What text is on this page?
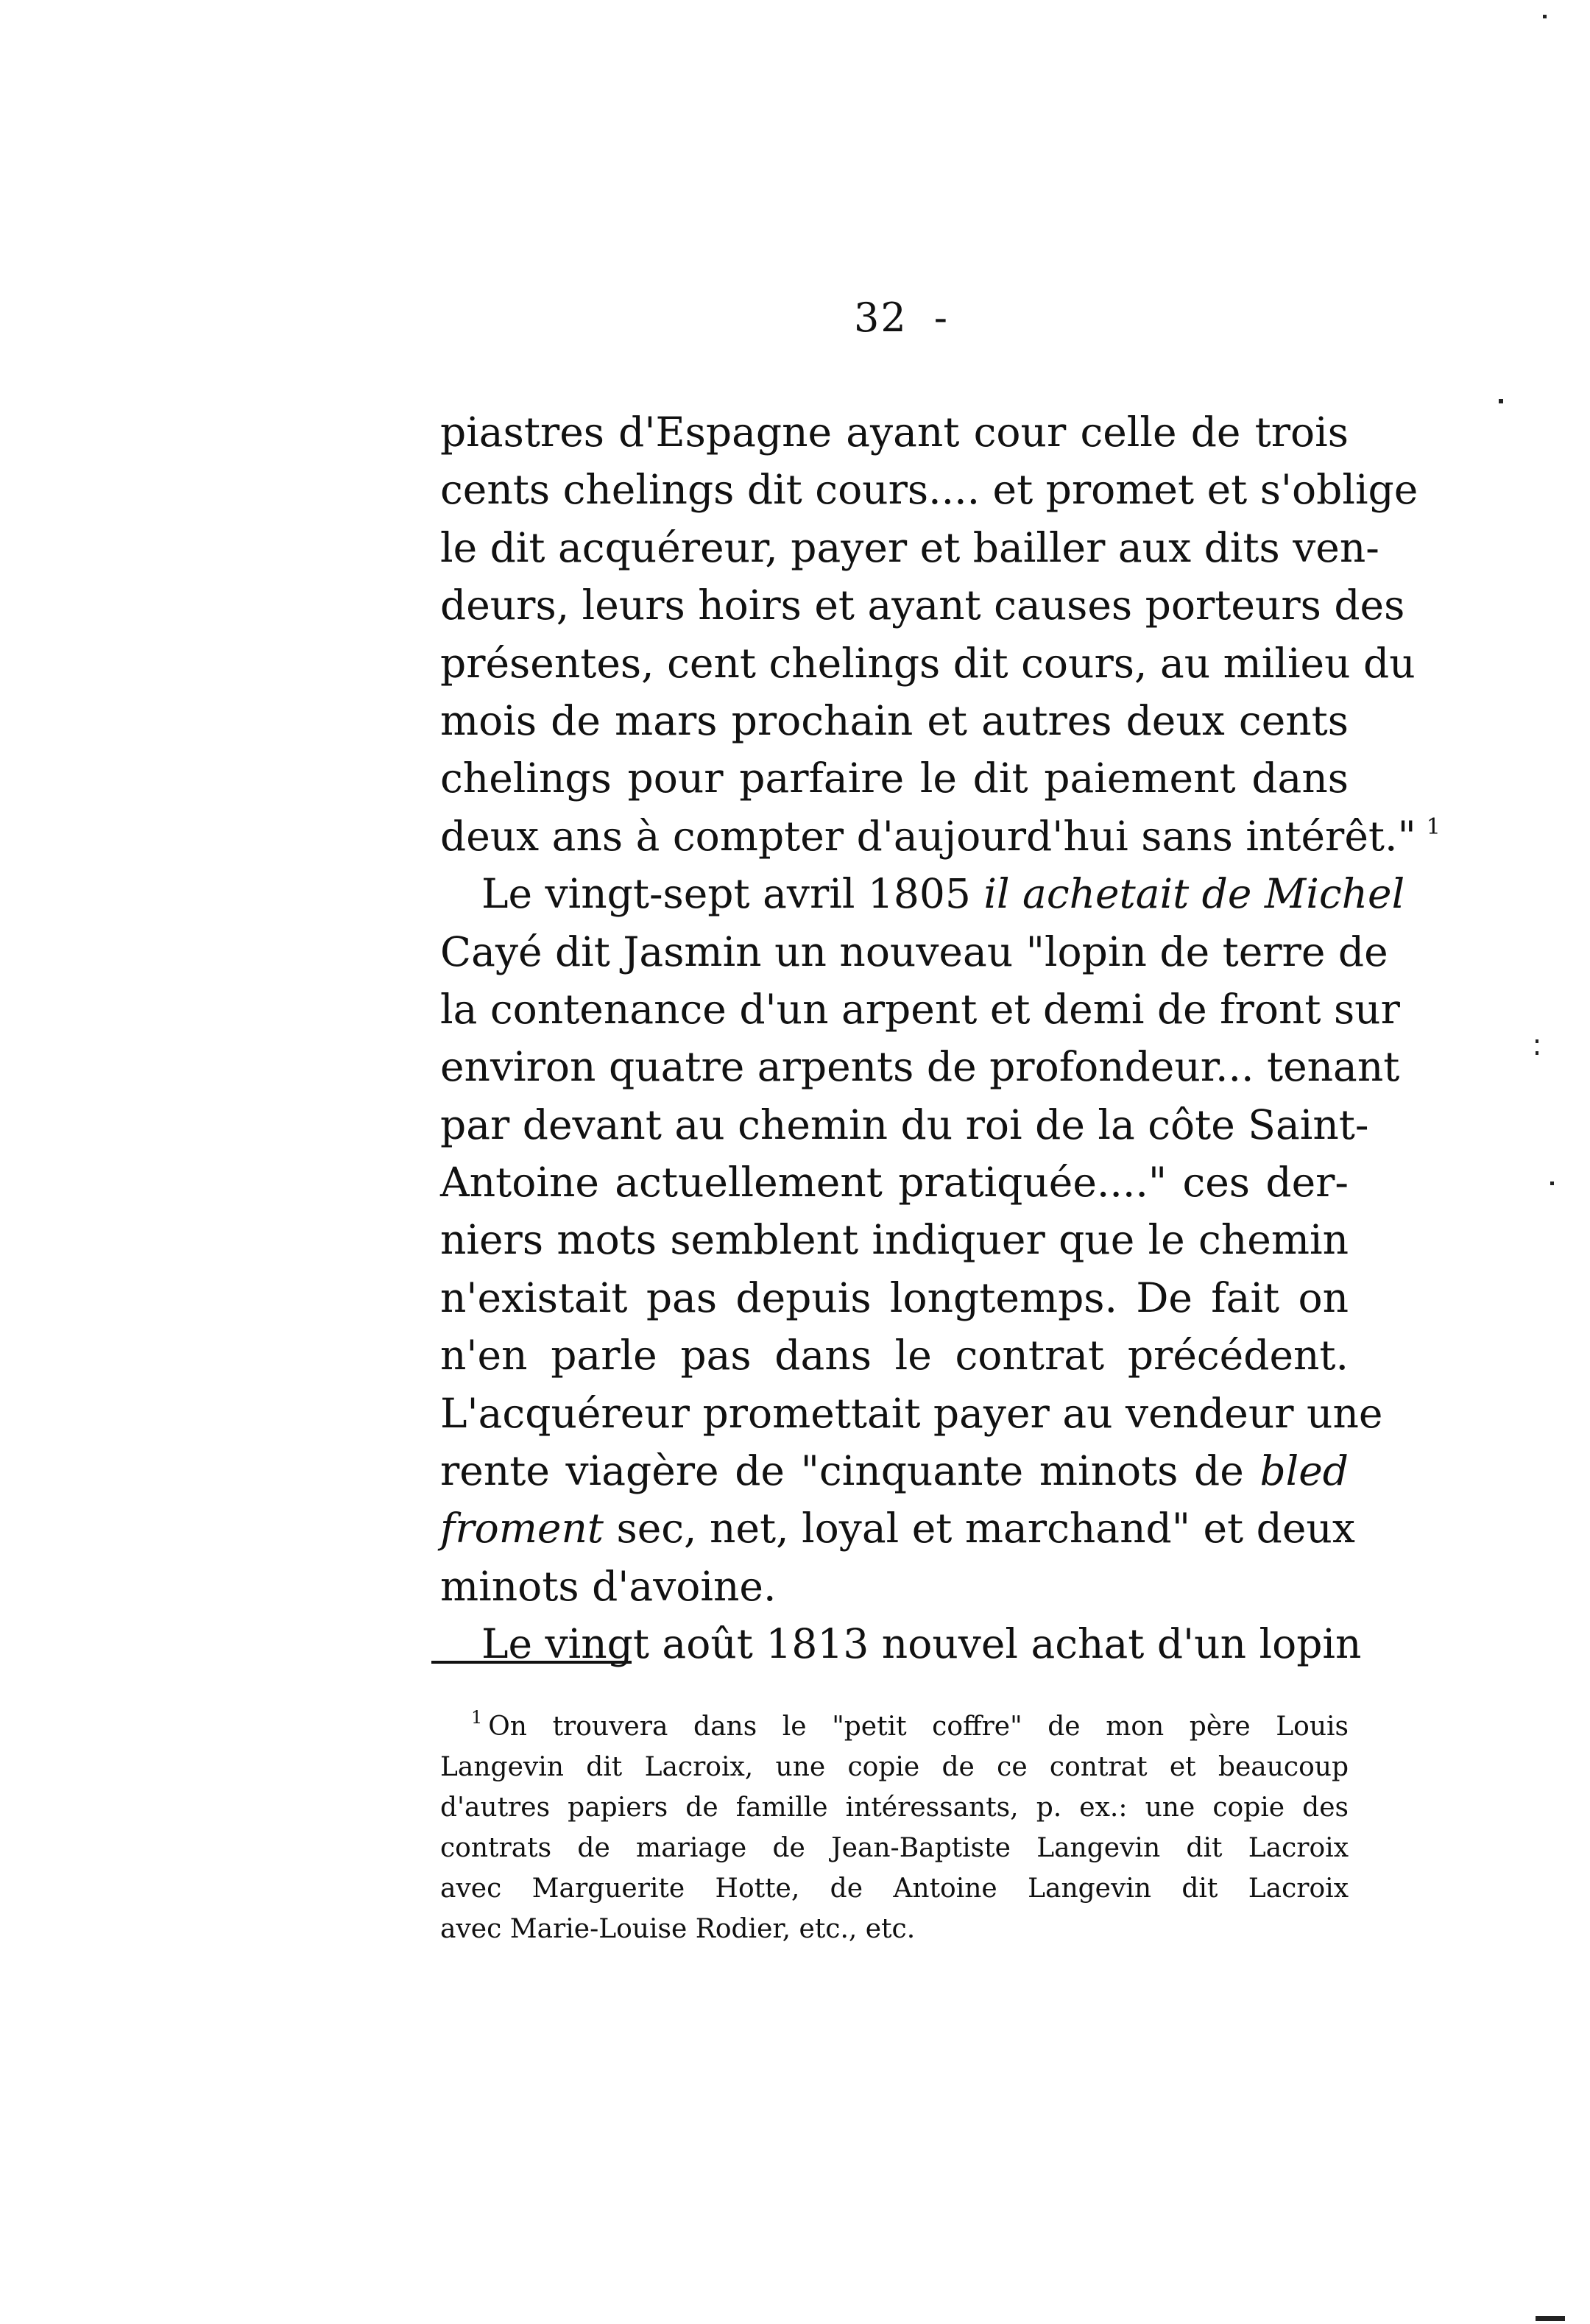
32 -
piastres d'Espagne ayant cour celle de trois
cents chelings dit cours.... et promet et s'oblige
le dit acquéreur, payer et bailler aux dits ven-
deurs, leurs hoirs et ayant causes porteurs des
présentes, cent chelings dit cours, au milieu du
mois de mars prochain et autres deux cents
chelings pour parfaire le dit paiement dans
deux ans à compter d'aujourd'hui sans intérêt." $^1$
Le vingt-sept avril 1805 il achetait de Michel
Cayé dit Jasmin un nouveau "lopin de terre de
la contenance d'un arpent et demi de front sur
environ quatre arpents de profondeur... tenant
par devant au chemin du roi de la côte Saint-
Antoine actuellement pratiquée...." ces der-
niers mots semblent indiquer que le chemin
n'existait pas depuis longtemps. De fait on
n'en parle pas dans le contrat précédent.
L'acquéreur promettait payer au vendeur une
rente viagère de "cinquante minots de bled
froment sec, net, loyal et marchand" et deux
minots d'avoine.
Le vingt août 1813 nouvel achat d'un lopin
$^1$ On trouvera dans le "petit coffre" de mon père Louis
Langevin dit Lacroix, une copie de ce contrat et beaucoup
d'autres papiers de famille intéressants, p. ex.: une copie des
contrats de mariage de Jean-Baptiste Langevin dit Lacroix
avec Marguerite Hotte, de Antoine Langevin dit Lacroix
avec Marie-Louise Rodier, etc., etc.
